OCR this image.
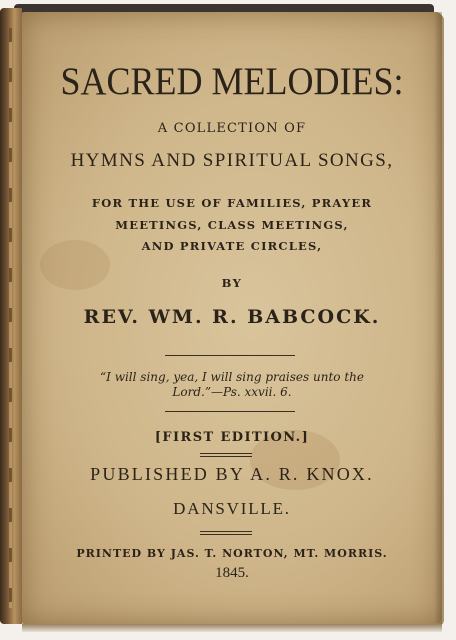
SACRED MELODIES:
A COLLECTION OF
HYMNS AND SPIRITUAL SONGS,
FOR THE USE OF FAMILIES, PRAYER
MEETINGS, CLASS MEETINGS,
AND PRIVATE CIRCLES,
BY
REV. WM. R. BABCOCK.
“I will sing, yea, I will sing praises unto the
Lord.”—Ps. xxvii. 6.
[FIRST EDITION.]
PUBLISHED BY A. R. KNOX.
DANSVILLE.
PRINTED BY JAS. T. NORTON, MT. MORRIS.
1845.
